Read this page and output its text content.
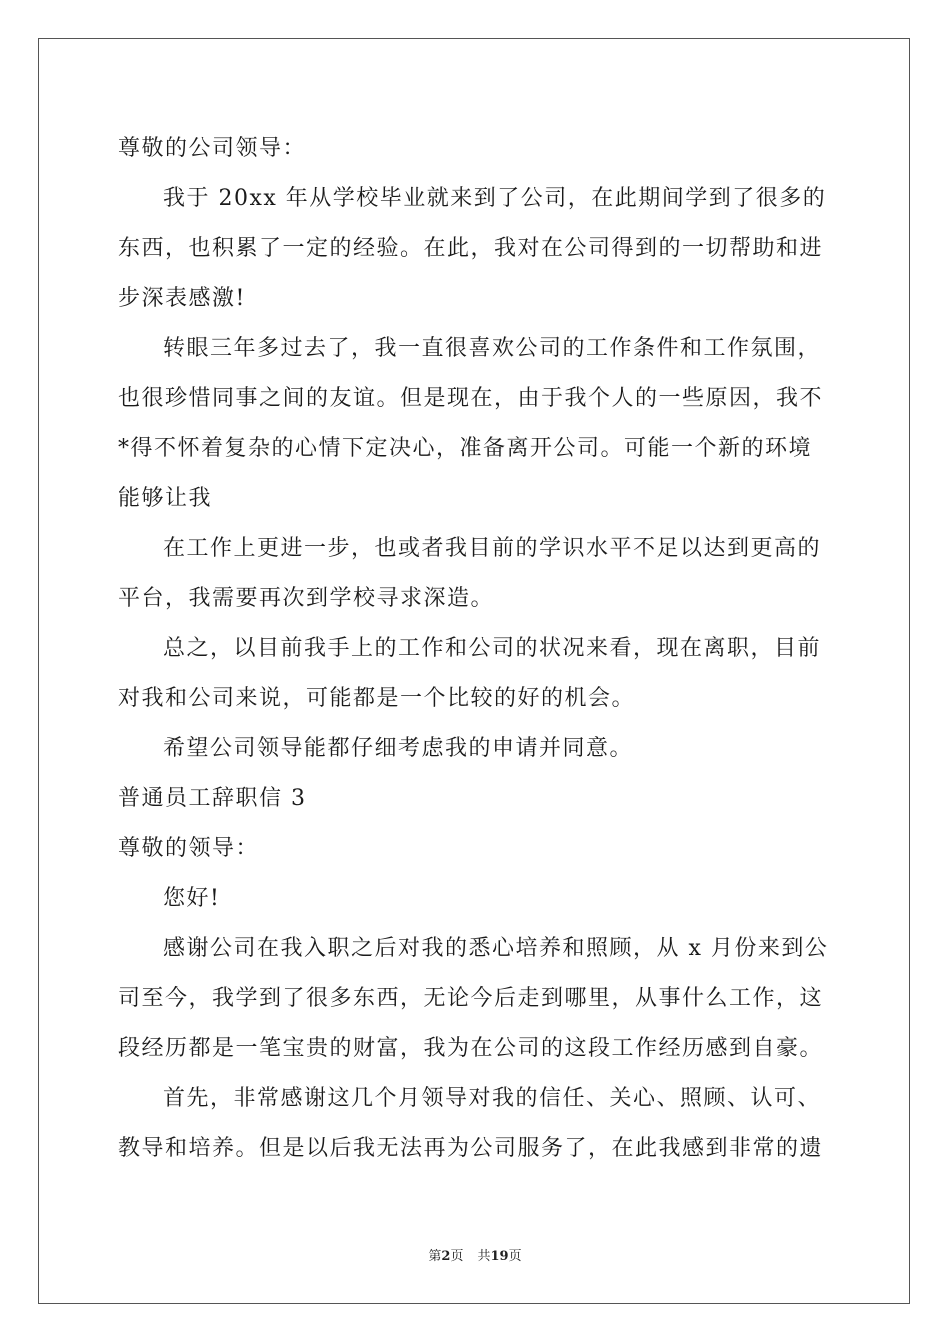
尊敬的公司领导：
我于 20xx 年从学校毕业就来到了公司，在此期间学到了很多的
东西，也积累了一定的经验。在此，我对在公司得到的一切帮助和进
步深表感激!
转眼三年多过去了，我一直很喜欢公司的工作条件和工作氛围，
也很珍惜同事之间的友谊。但是现在，由于我个人的一些原因，我不
*得不怀着复杂的心情下定决心，准备离开公司。可能一个新的环境
能够让我
在工作上更进一步，也或者我目前的学识水平不足以达到更高的
平台，我需要再次到学校寻求深造。
总之，以目前我手上的工作和公司的状况来看，现在离职，目前
对我和公司来说，可能都是一个比较的好的机会。
希望公司领导能都仔细考虑我的申请并同意。
普通员工辞职信 3
尊敬的领导：
您好!
感谢公司在我入职之后对我的悉心培养和照顾，从 x 月份来到公
司至今，我学到了很多东西，无论今后走到哪里，从事什么工作，这
段经历都是一笔宝贵的财富，我为在公司的这段工作经历感到自豪。
首先，非常感谢这几个月领导对我的信任、关心、照顾、认可、
教导和培养。但是以后我无法再为公司服务了，在此我感到非常的遗
第2页 共19页
